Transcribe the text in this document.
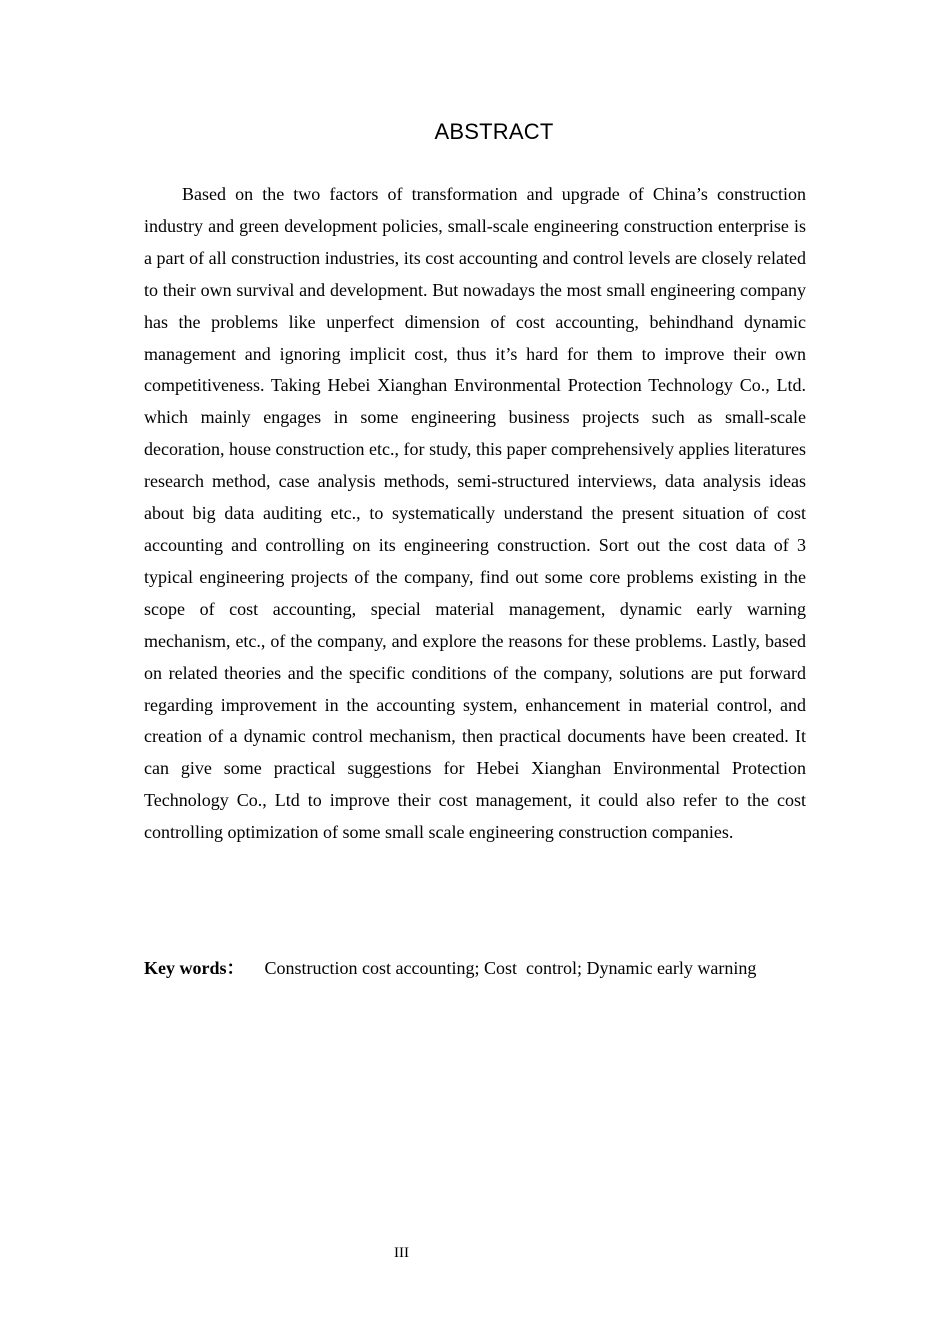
ABSTRACT

Based on the two factors of transformation and upgrade of China’s construction industry and green development policies, small-scale engineering construction enterprise is a part of all construction industries, its cost accounting and control levels are closely related to their own survival and development. But nowadays the most small engineering company has the problems like unperfect dimension of cost accounting, behindhand dynamic management and ignoring implicit cost, thus it’s hard for them to improve their own competitiveness. Taking Hebei Xianghan Environmental Protection Technology Co., Ltd. which mainly engages in some engineering business projects such as small-scale decoration, house construction etc., for study, this paper comprehensively applies literatures research method, case analysis methods, semi-structured interviews, data analysis ideas about big data auditing etc., to systematically understand the present situation of cost accounting and controlling on its engineering construction. Sort out the cost data of 3 typical engineering projects of the company, find out some core problems existing in the scope of cost accounting, special material management, dynamic early warning mechanism, etc., of the company, and explore the reasons for these problems. Lastly, based on related theories and the specific conditions of the company, solutions are put forward regarding improvement in the accounting system, enhancement in material control, and creation of a dynamic control mechanism, then practical documents have been created. It can give some practical suggestions for Hebei Xianghan Environmental Protection Technology Co., Ltd to improve their cost management, it could also refer to the cost controlling optimization of some small scale engineering construction companies.

Key words： Construction cost accounting; Cost  control; Dynamic early warning
III
